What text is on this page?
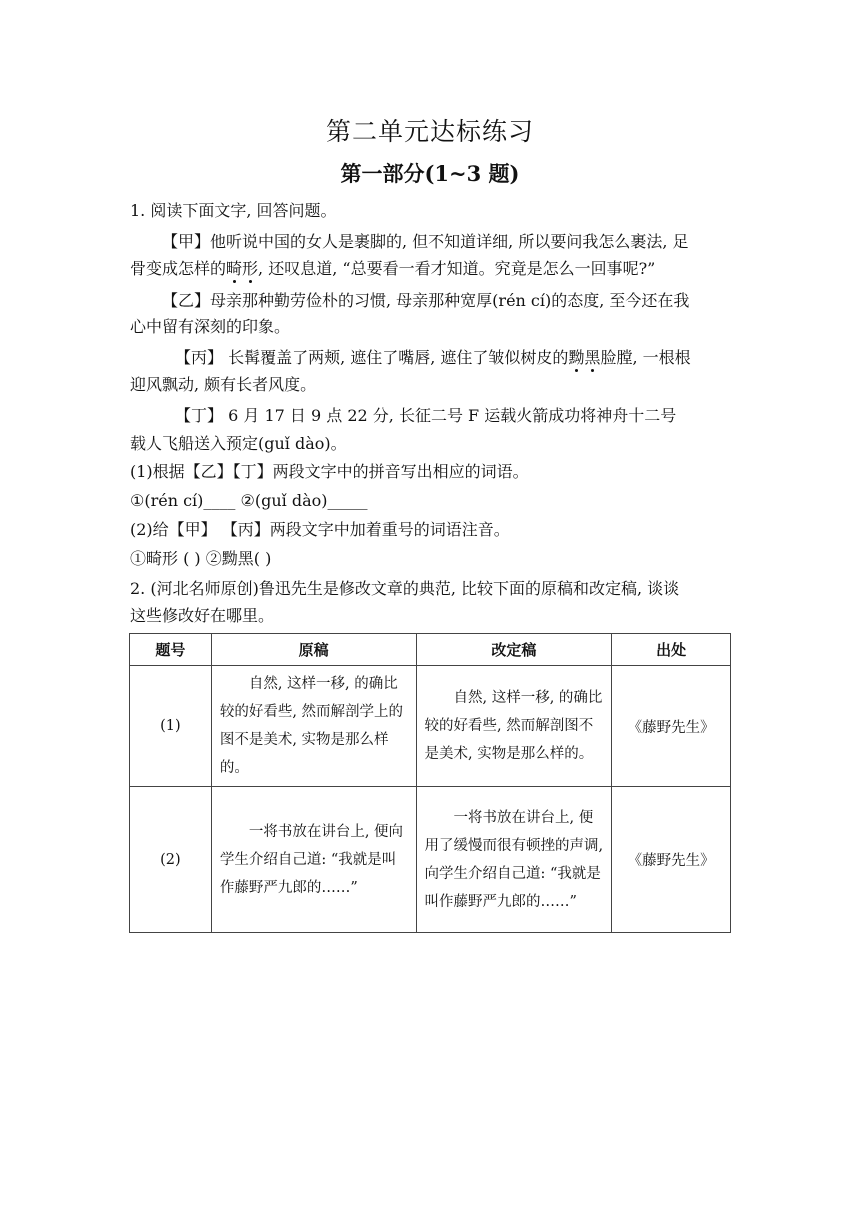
第二单元达标练习
第一部分(1~3 题)
1. 阅读下面文字, 回答问题。
【甲】他听说中国的女人是裹脚的, 但不知道详细, 所以要问我怎么裹法, 足
骨变成怎样的畸形, 还叹息道, “总要看一看才知道。究竟是怎么一回事呢?”
【乙】母亲那种勤劳俭朴的习惯, 母亲那种宽厚(rén cí)的态度, 至今还在我
心中留有深刻的印象。
【丙】 长髯覆盖了两颊, 遮住了嘴唇, 遮住了皱似树皮的黝黑脸膛, 一根根
迎风飘动, 颇有长者风度。
【丁】 6 月 17 日 9 点 22 分, 长征二号 F 运载火箭成功将神舟十二号
载人飞船送入预定(guǐ dào)。
(1)根据【乙】【丁】两段文字中的拼音写出相应的词语。
①(rén cí)____ ②(guǐ dào)_____
(2)给【甲】 【丙】两段文字中加着重号的词语注音。
①畸形 ( ) ②黝黑( )
2. (河北名师原创)鲁迅先生是修改文章的典范, 比较下面的原稿和改定稿, 谈谈
这些修改好在哪里。
题号	原稿	改定稿	出处
(1)	自然, 这样一移, 的确比较的好看些, 然而解剖学上的图不是美术, 实物是那么样的。	自然, 这样一移, 的确比较的好看些, 然而解剖图不是美术, 实物是那么样的。	《藤野先生》
(2)	一将书放在讲台上, 便向学生介绍自己道: “我就是叫作藤野严九郎的……”	一将书放在讲台上, 便用了缓慢而很有顿挫的声调, 向学生介绍自己道: “我就是叫作藤野严九郎的……”	《藤野先生》
